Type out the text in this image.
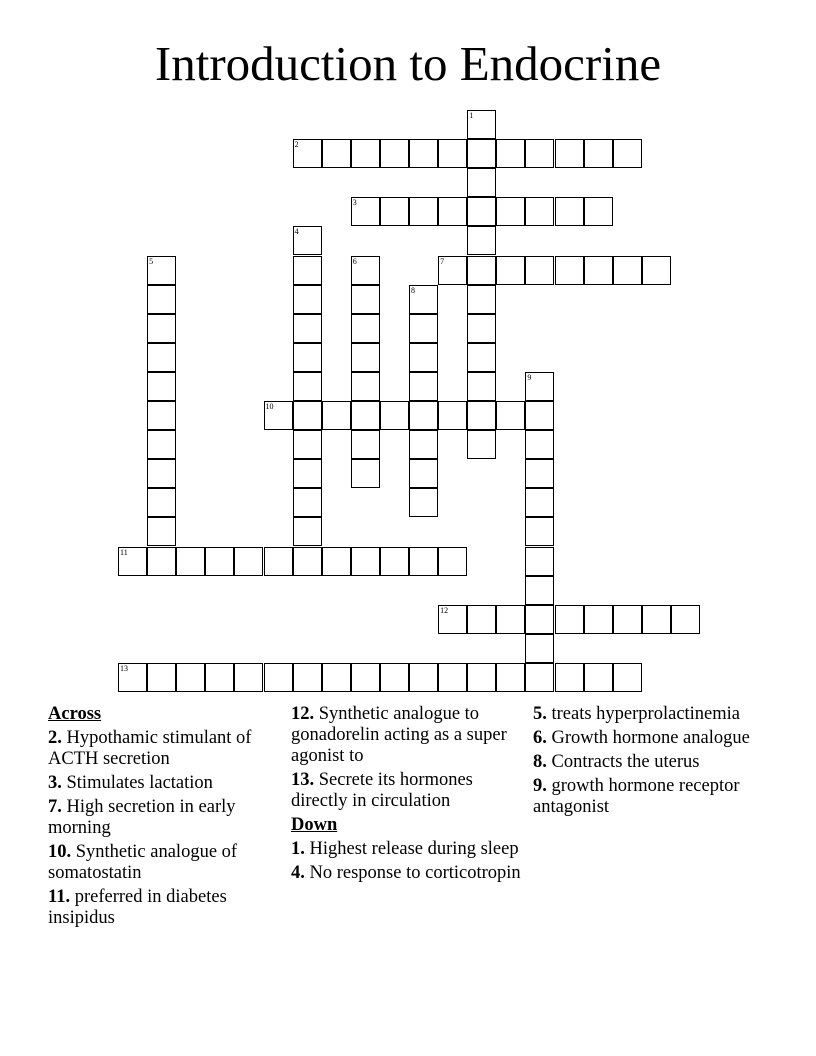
Introduction to Endocrine
1
2
3
4
5	6	7
8
9
10
11
12
13
Across
2. Hypothamic stimulant of ACTH secretion
3. Stimulates lactation
7. High secretion in early morning
10. Synthetic analogue of somatostatin
11. preferred in diabetes insipidus
12. Synthetic analogue to gonadorelin acting as a super agonist to
13. Secrete its hormones directly in circulation
Down
1. Highest release during sleep
4. No response to corticotropin
5. treats hyperprolactinemia
6. Growth hormone analogue
8. Contracts the uterus
9. growth hormone receptor antagonist
